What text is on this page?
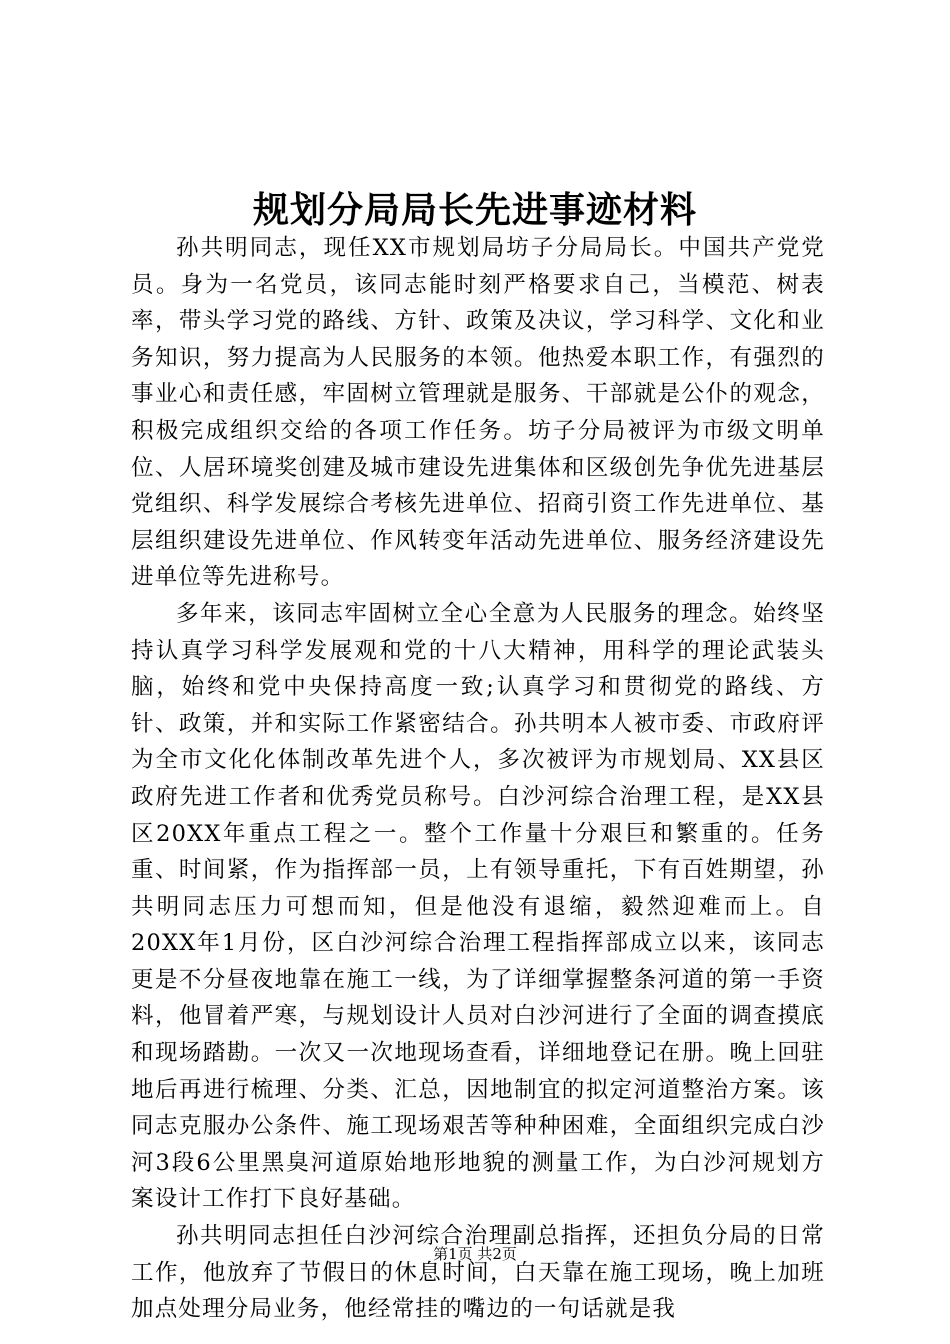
规划分局局长先进事迹材料

孙共明同志，现任XX市规划局坊子分局局长。中国共产党党员。身为一名党员，该同志能时刻严格要求自己，当模范、树表率，带头学习党的路线、方针、政策及决议，学习科学、文化和业务知识，努力提高为人民服务的本领。他热爱本职工作，有强烈的事业心和责任感，牢固树立管理就是服务、干部就是公仆的观念，积极完成组织交给的各项工作任务。坊子分局被评为市级文明单位、人居环境奖创建及城市建设先进集体和区级创先争优先进基层党组织、科学发展综合考核先进单位、招商引资工作先进单位、基层组织建设先进单位、作风转变年活动先进单位、服务经济建设先进单位等先进称号。

多年来，该同志牢固树立全心全意为人民服务的理念。始终坚持认真学习科学发展观和党的十八大精神，用科学的理论武装头脑，始终和党中央保持高度一致;认真学习和贯彻党的路线、方针、政策，并和实际工作紧密结合。孙共明本人被市委、市政府评为全市文化化体制改革先进个人，多次被评为市规划局、XX县区政府先进工作者和优秀党员称号。白沙河综合治理工程，是XX县区20XX年重点工程之一。整个工作量十分艰巨和繁重的。任务重、时间紧，作为指挥部一员，上有领导重托，下有百姓期望，孙共明同志压力可想而知，但是他没有退缩，毅然迎难而上。自20XX年1月份，区白沙河综合治理工程指挥部成立以来，该同志更是不分昼夜地靠在施工一线，为了详细掌握整条河道的第一手资料，他冒着严寒，与规划设计人员对白沙河进行了全面的调查摸底和现场踏勘。一次又一次地现场查看，详细地登记在册。晚上回驻地后再进行梳理、分类、汇总，因地制宜的拟定河道整治方案。该同志克服办公条件、施工现场艰苦等种种困难，全面组织完成白沙河3段6公里黑臭河道原始地形地貌的测量工作，为白沙河规划方案设计工作打下良好基础。

孙共明同志担任白沙河综合治理副总指挥，还担负分局的日常工作，他放弃了节假日的休息时间，白天靠在施工现场，晚上加班加点处理分局业务，他经常挂的嘴边的一句话就是我

第1页 共2页
